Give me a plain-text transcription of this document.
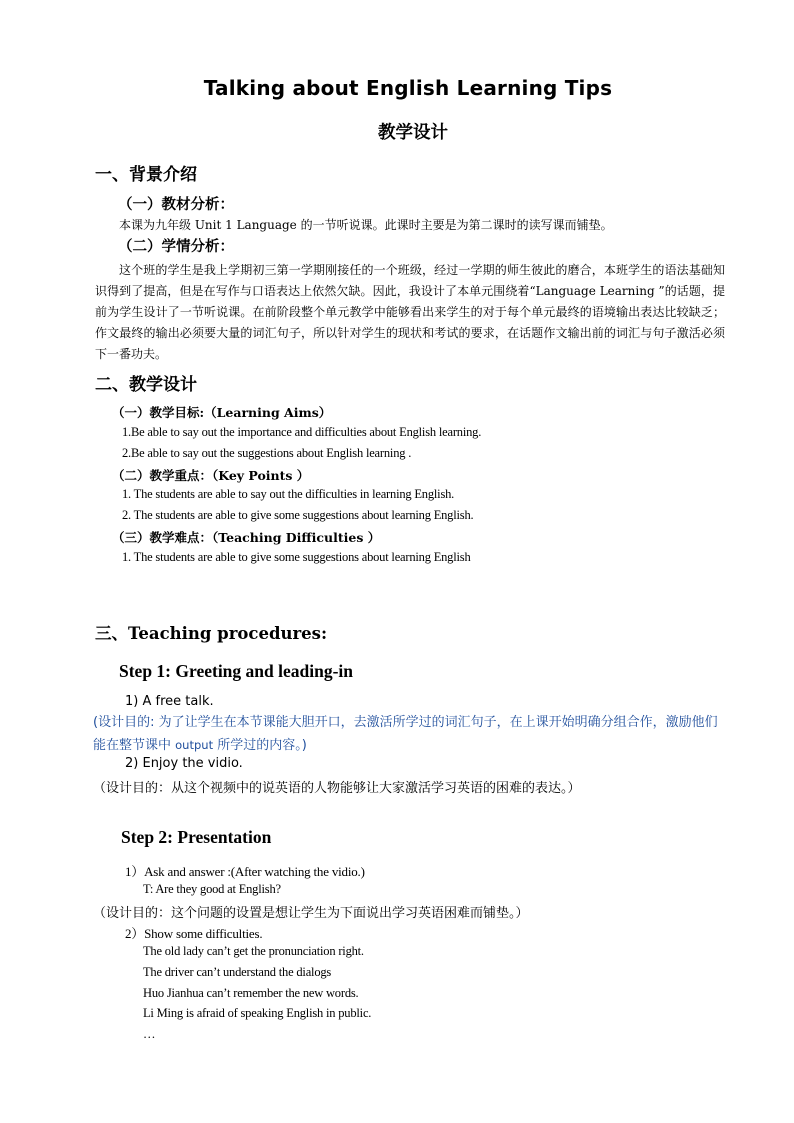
Talking about English Learning Tips
教学设计
一、背景介绍
（一）教材分析：
本课为九年级 Unit 1 Language 的一节听说课。此课时主要是为第二课时的读写课而铺垫。
（二）学情分析：

这个班的学生是我上学期初三第一学期刚接任的一个班级，经过一学期的师生彼此的磨合，本班学生的语法基础知识得到了提高，但是在写作与口语表达上依然欠缺。因此，我设计了本单元围绕着“Language Learning ”的话题，提前为学生设计了一节听说课。在前阶段整个单元教学中能够看出来学生的对于每个单元最终的语境输出表达比较缺乏；作文最终的输出必须要大量的词汇句子，所以针对学生的现状和考试的要求，在话题作文输出前的词汇与句子激活必须下一番功夫。

二、教学设计
（一）教学目标:（Learning Aims）
1.Be able to say out the importance and difficulties about English learning.
2.Be able to say out the suggestions about English learning .
（二）教学重点：（Key Points ）
1. The students are able to say out the difficulties in learning English.
2. The students are able to give some suggestions about learning English.
（三）教学难点：（Teaching Difficulties ）
1. The students are able to give some suggestions about learning English
三、Teaching procedures:
Step 1: Greeting and leading-in
1) A free talk.
(设计目的: 为了让学生在本节课能大胆开口，去激活所学过的词汇句子，在上课开始明确分组合作，激励他们能在整节课中 output 所学过的内容。)
2) Enjoy the vidio.
（设计目的：从这个视频中的说英语的人物能够让大家激活学习英语的困难的表达。）
Step 2: Presentation
1）Ask and answer :(After watching the vidio.)
T: Are they good at English?
（设计目的：这个问题的设置是想让学生为下面说出学习英语困难而铺垫。）
2）Show some difficulties.
The old lady can’t get the pronunciation right.
The driver can’t understand the dialogs
Huo Jianhua can’t remember the new words.
Li Ming is afraid of speaking English in public.
…
